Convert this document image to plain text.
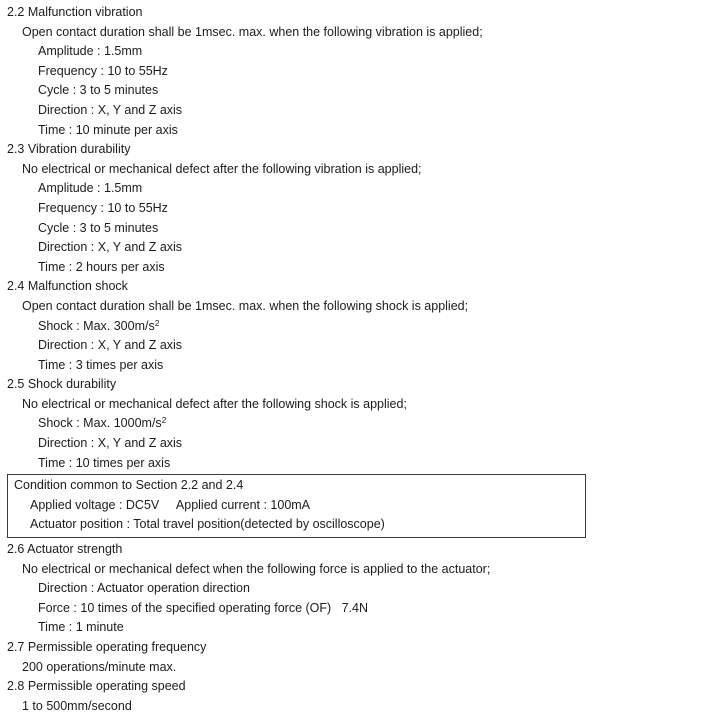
2.2 Malfunction vibration
Open contact duration shall be 1msec. max. when the following vibration is applied;
Amplitude : 1.5mm
Frequency : 10 to 55Hz
Cycle : 3 to 5 minutes
Direction : X, Y and Z axis
Time : 10 minute per axis
2.3 Vibration durability
No electrical or mechanical defect after the following vibration is applied;
Amplitude : 1.5mm
Frequency : 10 to 55Hz
Cycle : 3 to 5 minutes
Direction : X, Y and Z axis
Time : 2 hours per axis
2.4 Malfunction shock
Open contact duration shall be 1msec. max. when the following shock is applied;
Shock : Max. $300m/s^2$
Direction : X, Y and Z axis
Time : 3 times per axis
2.5 Shock durability
No electrical or mechanical defect after the following shock is applied;
Shock : Max. $1000m/s^2$
Direction : X, Y and Z axis
Time : 10 times per axis
Condition common to Section 2.2 and 2.4
Applied voltage : DC5V     Applied current : 100mA
Actuator position : Total travel position(detected by oscilloscope)
2.6 Actuator strength
No electrical or mechanical defect when the following force is applied to the actuator;
Direction : Actuator operation direction
Force : 10 times of the specified operating force (OF)   7.4N
Time : 1 minute
2.7 Permissible operating frequency
200 operations/minute max.
2.8 Permissible operating speed
1 to 500mm/second
